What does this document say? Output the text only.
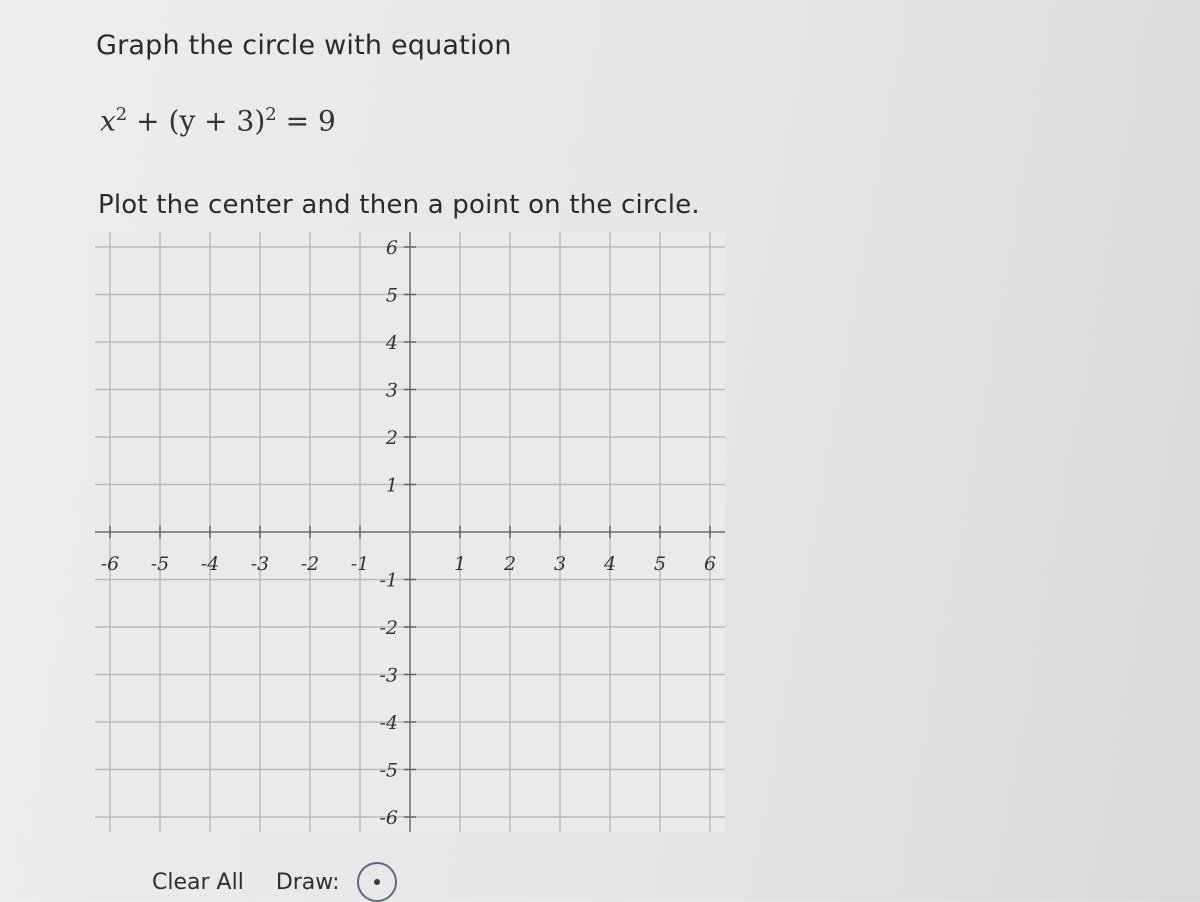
Graph the circle with equation
$x^2 + (y + 3)^2 = 9$
Plot the center and then a point on the circle.
-6 -5 -4 -3 -2 -1	1 2 3 4 5 6
6
5
4
3
2
1
-1
-2
-3
-4
-5
-6
Clear All Draw:
